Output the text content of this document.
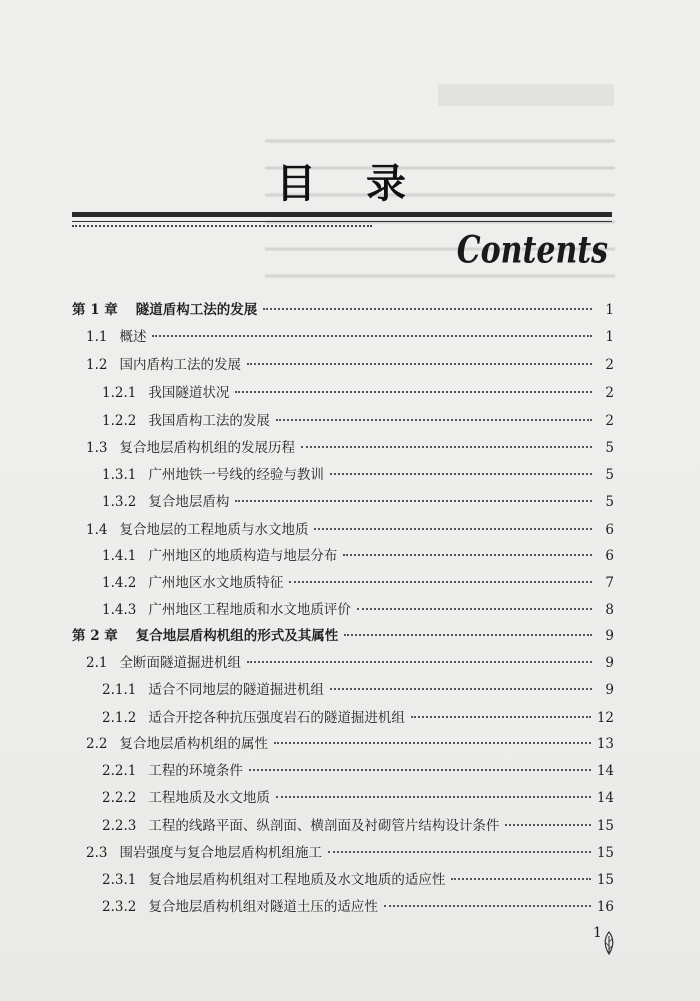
目 录
Contents
第 1 章 隧道盾构工法的发展	1
1.1 概述	1
1.2 国内盾构工法的发展	2
1.2.1 我国隧道状况	2
1.2.2 我国盾构工法的发展	2
1.3 复合地层盾构机组的发展历程	5
1.3.1 广州地铁一号线的经验与教训	5
1.3.2 复合地层盾构	5
1.4 复合地层的工程地质与水文地质	6
1.4.1 广州地区的地质构造与地层分布	6
1.4.2 广州地区水文地质特征	7
1.4.3 广州地区工程地质和水文地质评价	8
第 2 章 复合地层盾构机组的形式及其属性	9
2.1 全断面隧道掘进机组	9
2.1.1 适合不同地层的隧道掘进机组	9
2.1.2 适合开挖各种抗压强度岩石的隧道掘进机组	12
2.2 复合地层盾构机组的属性	13
2.2.1 工程的环境条件	14
2.2.2 工程地质及水文地质	14
2.2.3 工程的线路平面、纵剖面、横剖面及衬砌管片结构设计条件	15
2.3 围岩强度与复合地层盾构机组施工	15
2.3.1 复合地层盾构机组对工程地质及水文地质的适应性	15
2.3.2 复合地层盾构机组对隧道土压的适应性	16
1
